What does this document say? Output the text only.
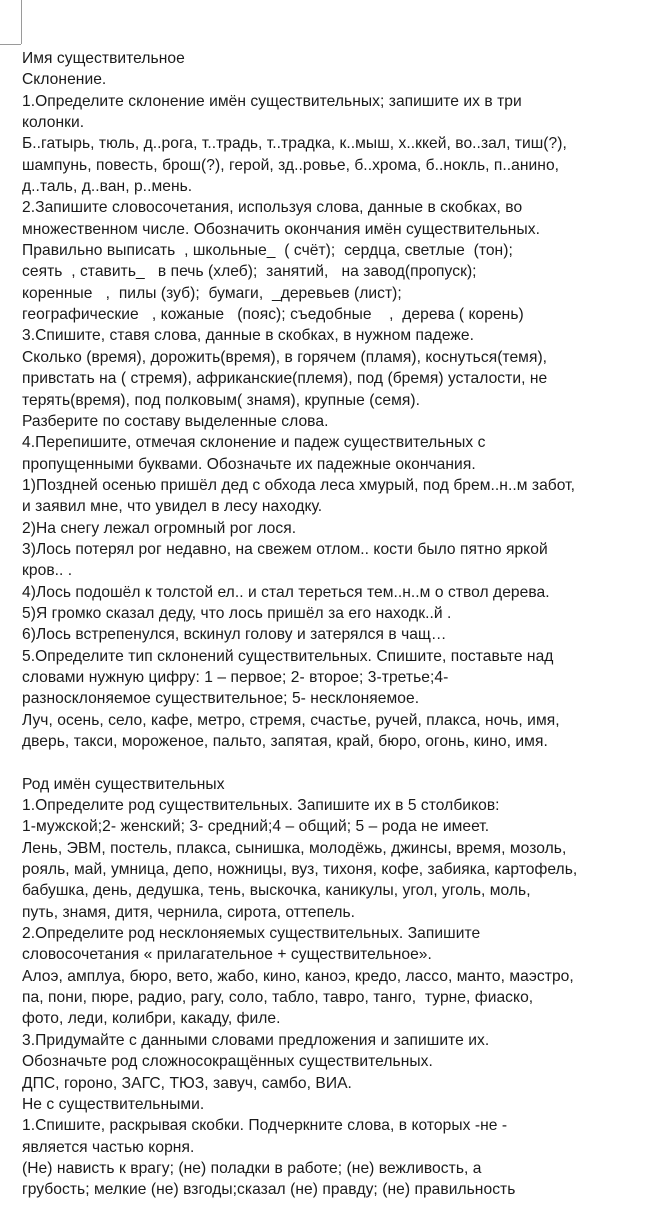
Имя существительное
Склонение.
1.Определите склонение имён существительных; запишите их в три
колонки.
Б..гатырь, тюль, д..рога, т..традь, т..традка, к..мыш, х..ккей, во..зал, тиш(?),
шампунь, повесть, брош(?), герой, зд..ровье, б..хрома, б..нокль, п..анино,
д..таль, д..ван, р..мень.
2.Запишите словосочетания, используя слова, данные в скобках, во
множественном числе. Обозначить окончания имён существительных.
Правильно выписать  , школьные_  ( счёт);  сердца, светлые  (тон);
сеять  , ставить_   в печь (хлеб);  занятий,   на завод(пропуск);
коренные   ,  пилы (зуб);  бумаги,  _деревьев (лист);
географические   , кожаные   (пояс); съедобные    ,  дерева ( корень)
3.Спишите, ставя слова, данные в скобках, в нужном падеже.
Сколько (время), дорожить(время), в горячем (пламя), коснуться(темя),
привстать на ( стремя), африканские(племя), под (бремя) усталости, не
терять(время), под полковым( знамя), крупные (семя).
Разберите по составу выделенные слова.
4.Перепишите, отмечая склонение и падеж существительных с
пропущенными буквами. Обозначьте их падежные окончания.
1)Поздней осенью пришёл дед с обхода леса хмурый, под брем..н..м забот,
и заявил мне, что увидел в лесу находку.
2)На снегу лежал огромный рог лося.
3)Лось потерял рог недавно, на свежем отлом.. кости было пятно яркой
кров.. .
4)Лось подошёл к толстой ел.. и стал тереться тем..н..м о ствол дерева.
5)Я громко сказал деду, что лось пришёл за его находк..й .
6)Лось встрепенулся, вскинул голову и затерялся в чащ…
5.Определите тип склонений существительных. Спишите, поставьте над
словами нужную цифру: 1 – первое; 2- второе; 3-третье;4-
разносклоняемое существительное; 5- несклоняемое.
Луч, осень, село, кафе, метро, стремя, счастье, ручей, плакса, ночь, имя,
дверь, такси, мороженое, пальто, запятая, край, бюро, огонь, кино, имя.
Род имён существительных
1.Определите род существительных. Запишите их в 5 столбиков:
1-мужской;2- женский; 3- средний;4 – общий; 5 – рода не имеет.
Лень, ЭВМ, постель, плакса, сынишка, молодёжь, джинсы, время, мозоль,
рояль, май, умница, депо, ножницы, вуз, тихоня, кофе, забияка, картофель,
бабушка, день, дедушка, тень, выскочка, каникулы, угол, уголь, моль,
путь, знамя, дитя, чернила, сирота, оттепель.
2.Определите род несклоняемых существительных. Запишите
словосочетания « прилагательное + существительное».
Алоэ, амплуа, бюро, вето, жабо, кино, каноэ, кредо, лассо, манто, маэстро,
па, пони, пюре, радио, рагу, соло, табло, тавро, танго,  турне, фиаско,
фото, леди, колибри, какаду, филе.
3.Придумайте с данными словами предложения и запишите их.
Обозначьте род сложносокращённых существительных.
ДПС, гороно, ЗАГС, ТЮЗ, завуч, самбо, ВИА.
Не с существительными.
1.Спишите, раскрывая скобки. Подчеркните слова, в которых -не -
является частью корня.
(Не) нависть к врагу; (не) поладки в работе; (не) вежливость, а
грубость; мелкие (не) взгоды;сказал (не) правду; (не) правильность
